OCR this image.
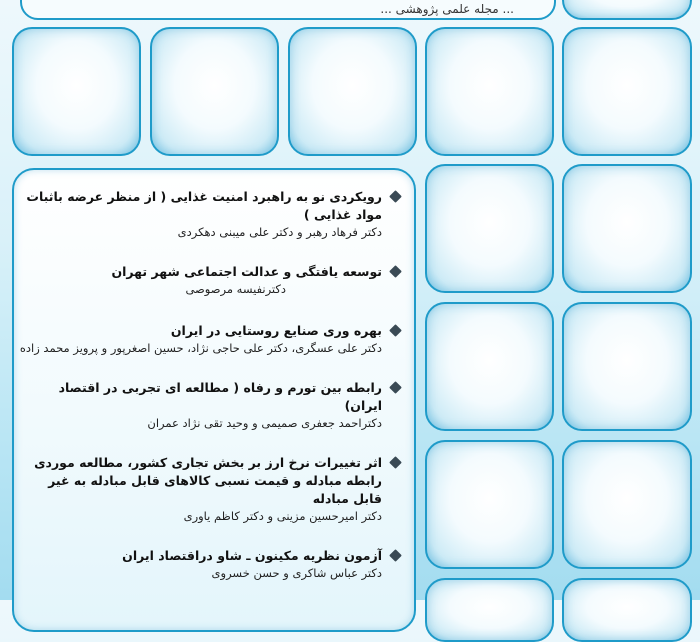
... مجله علمی پژوهشی ...
رویکردی نو به راهبرد امنیت غذایی ( از منظر عرضه باثبات مواد غذایی )
دکتر فرهاد رهبر و دکتر علی میبنی دهکردی
توسعه یافتگی و عدالت اجتماعی شهر تهران
دکترنفیسه مرصوصی
بهره وری صنایع روستایی در ایران
دکتر علی عسگری، دکتر علی حاجی نژاد، حسین اصغرپور و پرویز محمد زاده
رابطه بین تورم و رفاه ( مطالعه ای تجربی در اقتصاد ایران)
دکتراحمد جعفری صمیمی و وحید تقی نژاد عمران
اثر تغییرات نرخ ارز بر بخش تجاری کشور، مطالعه موردی رابطه مبادله و قیمت نسبی کالاهای قابل مبادله به غیر قابل مبادله
دکتر امیرحسین مزینی و دکتر کاظم یاوری
آزمون نظریه مکینون ـ شاو دراقتصاد ایران
دکتر عباس شاکری و حسن خسروی
